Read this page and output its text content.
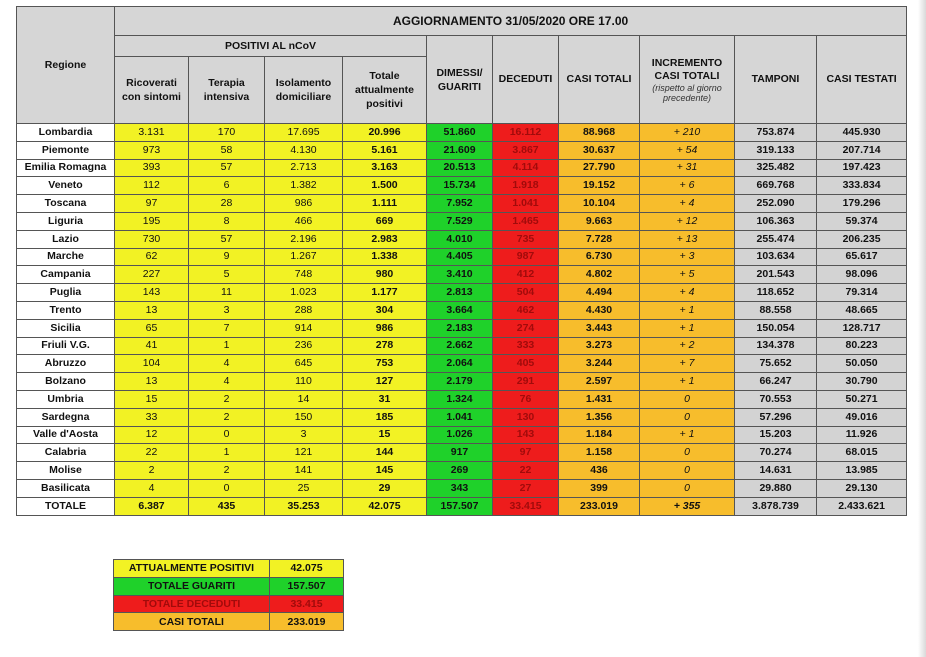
Regione	AGGIORNAMENTO 31/05/2020 ORE 17.00									
	POSITIVI AL nCoV				DIMESSI/
GUARITI	DECEDUTI	CASI TOTALI	INCREMENTO
CASI TOTALI
(rispetto al giorno precedente)	TAMPONI	CASI TESTATI
	Ricoverati
con sintomi	Terapia
intensiva	Isolamento
domiciliare	Totale
attualmente
positivi						
Lombardia	3.131	170	17.695	20.996	51.860	16.112	88.968	+ 210	753.874	445.930
Piemonte	973	58	4.130	5.161	21.609	3.867	30.637	+ 54	319.133	207.714
Emilia Romagna	393	57	2.713	3.163	20.513	4.114	27.790	+ 31	325.482	197.423
Veneto	112	6	1.382	1.500	15.734	1.918	19.152	+ 6	669.768	333.834
Toscana	97	28	986	1.111	7.952	1.041	10.104	+ 4	252.090	179.296
Liguria	195	8	466	669	7.529	1.465	9.663	+ 12	106.363	59.374
Lazio	730	57	2.196	2.983	4.010	735	7.728	+ 13	255.474	206.235
Marche	62	9	1.267	1.338	4.405	987	6.730	+ 3	103.634	65.617
Campania	227	5	748	980	3.410	412	4.802	+ 5	201.543	98.096
Puglia	143	11	1.023	1.177	2.813	504	4.494	+ 4	118.652	79.314
Trento	13	3	288	304	3.664	462	4.430	+ 1	88.558	48.665
Sicilia	65	7	914	986	2.183	274	3.443	+ 1	150.054	128.717
Friuli V.G.	41	1	236	278	2.662	333	3.273	+ 2	134.378	80.223
Abruzzo	104	4	645	753	2.064	405	3.244	+ 7	75.652	50.050
Bolzano	13	4	110	127	2.179	291	2.597	+ 1	66.247	30.790
Umbria	15	2	14	31	1.324	76	1.431	0	70.553	50.271
Sardegna	33	2	150	185	1.041	130	1.356	0	57.296	49.016
Valle d'Aosta	12	0	3	15	1.026	143	1.184	+ 1	15.203	11.926
Calabria	22	1	121	144	917	97	1.158	0	70.274	68.015
Molise	2	2	141	145	269	22	436	0	14.631	13.985
Basilicata	4	0	25	29	343	27	399	0	29.880	29.130
TOTALE	6.387	435	35.253	42.075	157.507	33.415	233.019	+ 355	3.878.739	2.433.621
ATTUALMENTE POSITIVI	42.075
TOTALE GUARITI	157.507
TOTALE DECEDUTI	33.415
CASI TOTALI	233.019
